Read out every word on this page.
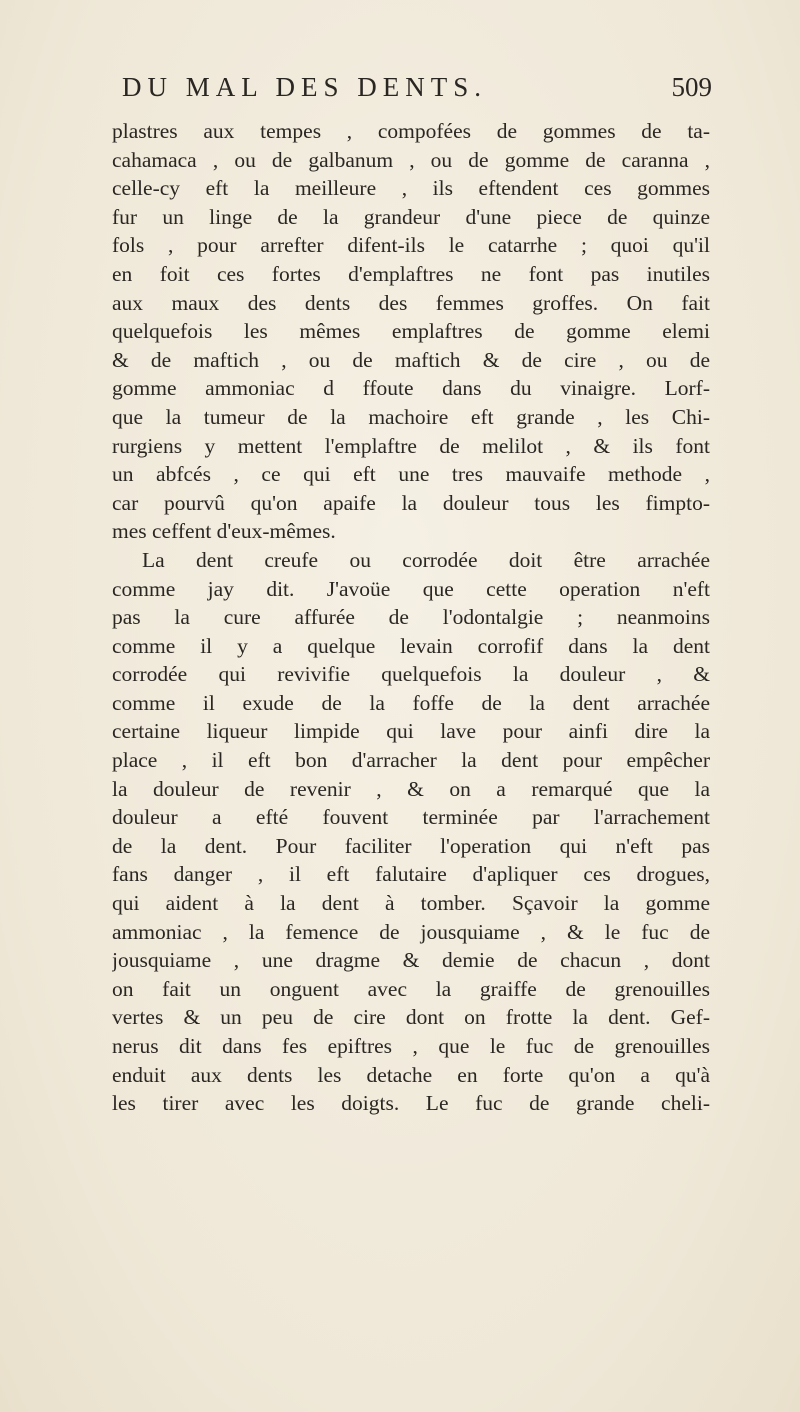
DU MAL DES DENTS.	509
plastres aux tempes , compofées de gommes de ta-
cahamaca , ou de galbanum , ou de gomme de caranna ,
celle-cy eft la meilleure , ils eftendent ces gommes
fur un linge de la grandeur d'une piece de quinze
fols , pour arrefter difent-ils le catarrhe ; quoi qu'il
en foit ces fortes d'emplaftres ne font pas inutiles
aux maux des dents des femmes groffes. On fait
quelquefois les mêmes emplaftres de gomme elemi
& de maftich , ou de maftich & de cire , ou de
gomme ammoniac d ffoute dans du vinaigre. Lorf-
que la tumeur de la machoire eft grande , les Chi-
rurgiens y mettent l'emplaftre de melilot , & ils font
un abfcés , ce qui eft une tres mauvaife methode ,
car pourvû qu'on apaife la douleur tous les fimpto-
mes ceffent d'eux-mêmes.
La dent creufe ou corrodée doit être arrachée
comme jay dit. J'avoüe que cette operation n'eft
pas la cure affurée de l'odontalgie ; neanmoins
comme il y a quelque levain corrofif dans la dent
corrodée qui revivifie quelquefois la douleur , &
comme il exude de la foffe de la dent arrachée
certaine liqueur limpide qui lave pour ainfi dire la
place , il eft bon d'arracher la dent pour empêcher
la douleur de revenir , & on a remarqué que la
douleur a efté fouvent terminée par l'arrachement
de la dent. Pour faciliter l'operation qui n'eft pas
fans danger , il eft falutaire d'apliquer ces drogues,
qui aident à la dent à tomber. Sçavoir la gomme
ammoniac , la femence de jousquiame , & le fuc de
jousquiame , une dragme & demie de chacun , dont
on fait un onguent avec la graiffe de grenouilles
vertes & un peu de cire dont on frotte la dent. Gef-
nerus dit dans fes epiftres , que le fuc de grenouilles
enduit aux dents les detache en forte qu'on a qu'à
les tirer avec les doigts. Le fuc de grande cheli-
